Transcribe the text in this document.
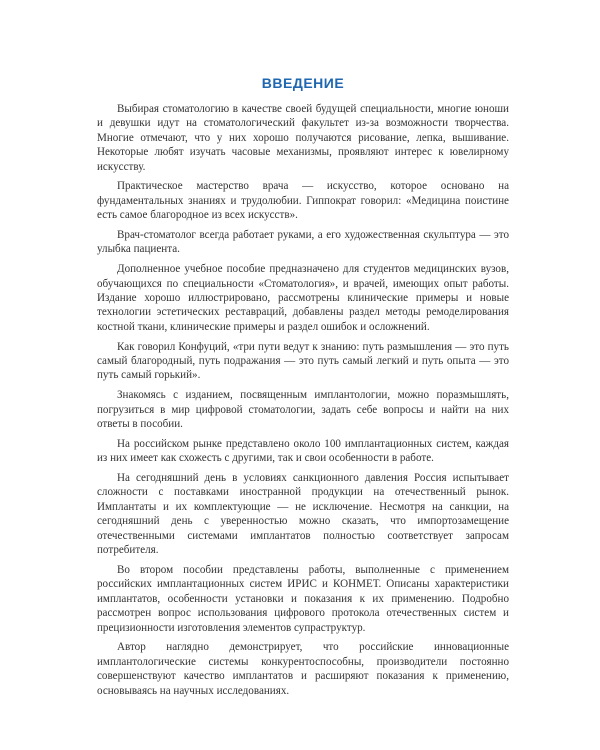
ВВЕДЕНИЕ

Выбирая стоматологию в качестве своей будущей специальности, многие юноши и девушки идут на стоматологический факультет из-за возможности творчества. Многие отмечают, что у них хорошо получаются рисование, лепка, вышивание. Некоторые любят изучать часовые механизмы, проявляют интерес к ювелирному искусству.

Практическое мастерство врача — искусство, которое основано на фундаментальных знаниях и трудолюбии. Гиппократ говорил: «Медицина поистине есть самое благородное из всех искусств».

Врач-стоматолог всегда работает руками, а его художественная скульптура — это улыбка пациента.

Дополненное учебное пособие предназначено для студентов медицинских вузов, обучающихся по специальности «Стоматология», и врачей, имеющих опыт работы. Издание хорошо иллюстрировано, рассмотрены клинические примеры и новые технологии эстетических реставраций, добавлены раздел методы ремоделирования костной ткани, клинические примеры и раздел ошибок и осложнений.

Как говорил Конфуций, «три пути ведут к знанию: путь размышления — это путь самый благородный, путь подражания — это путь самый легкий и путь опыта — это путь самый горький».

Знакомясь с изданием, посвященным имплантологии, можно поразмышлять, погрузиться в мир цифровой стоматологии, задать себе вопросы и найти на них ответы в пособии.

На российском рынке представлено около 100 имплантационных систем, каждая из них имеет как схожесть с другими, так и свои особенности в работе.

На сегодняшний день в условиях санкционного давления Россия испытывает сложности с поставками иностранной продукции на отечественный рынок. Имплантаты и их комплектующие — не исключение. Несмотря на санкции, на сегодняшний день с уверенностью можно сказать, что импортозамещение отечественными системами имплантатов полностью соответствует запросам потребителя.

Во втором пособии представлены работы, выполненные с применением российских имплантационных систем ИРИС и КОНМЕТ. Описаны характеристики имплантатов, особенности установки и показания к их применению. Подробно рассмотрен вопрос использования цифрового протокола отечественных систем и прецизионности изготовления элементов супраструктур.

Автор наглядно демонстрирует, что российские инновационные имплантологические системы конкурентоспособны, производители постоянно совершенствуют качество имплантатов и расширяют показания к применению, основываясь на научных исследованиях.
